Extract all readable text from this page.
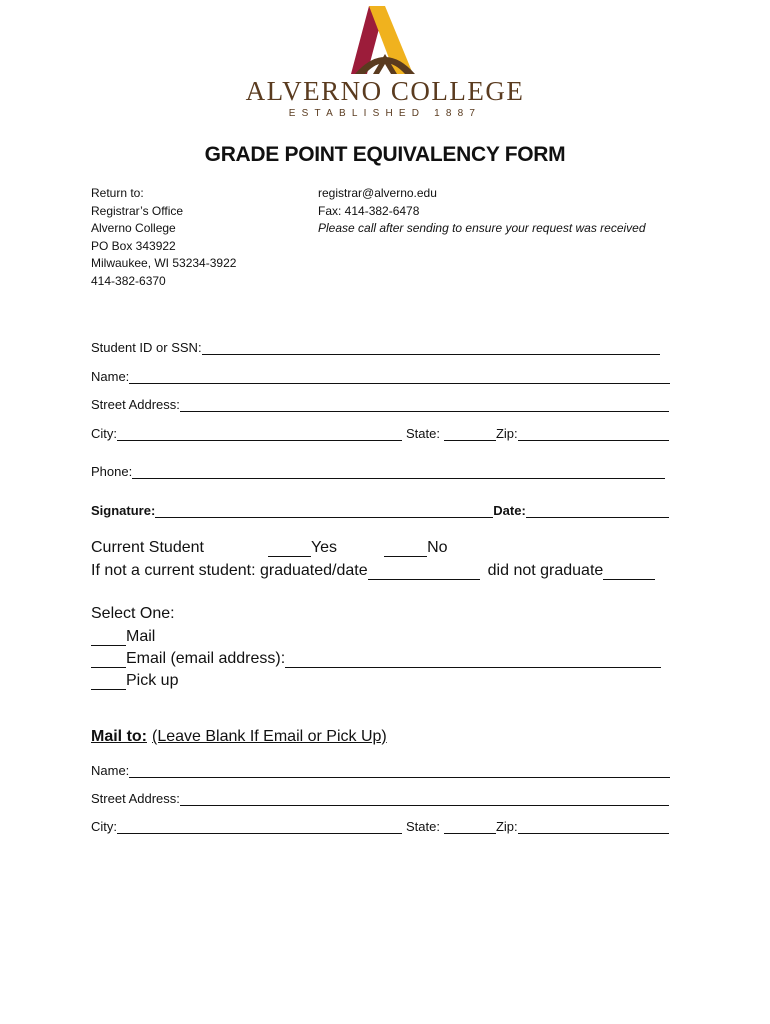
ALVERNO COLLEGE
ESTABLISHED 1887
GRADE POINT EQUIVALENCY FORM
Return to:
Registrar’s Office
Alverno College
PO Box 343922
Milwaukee, WI 53234-3922
414-382-6370
registrar@alverno.edu
Fax: 414-382-6478
Please call after sending to ensure your request was received
Student ID or SSN:
Name:
Street Address:
City:	State:	Zip:
Phone:
Signature:	Date:
Current Student	Yes	No
If not a current student: graduated/date	did not graduate
Select One:
Mail
Email (email address):
Pick up
Mail to: (Leave Blank If Email or Pick Up)
Name:
Street Address:
City:	State:	Zip:
